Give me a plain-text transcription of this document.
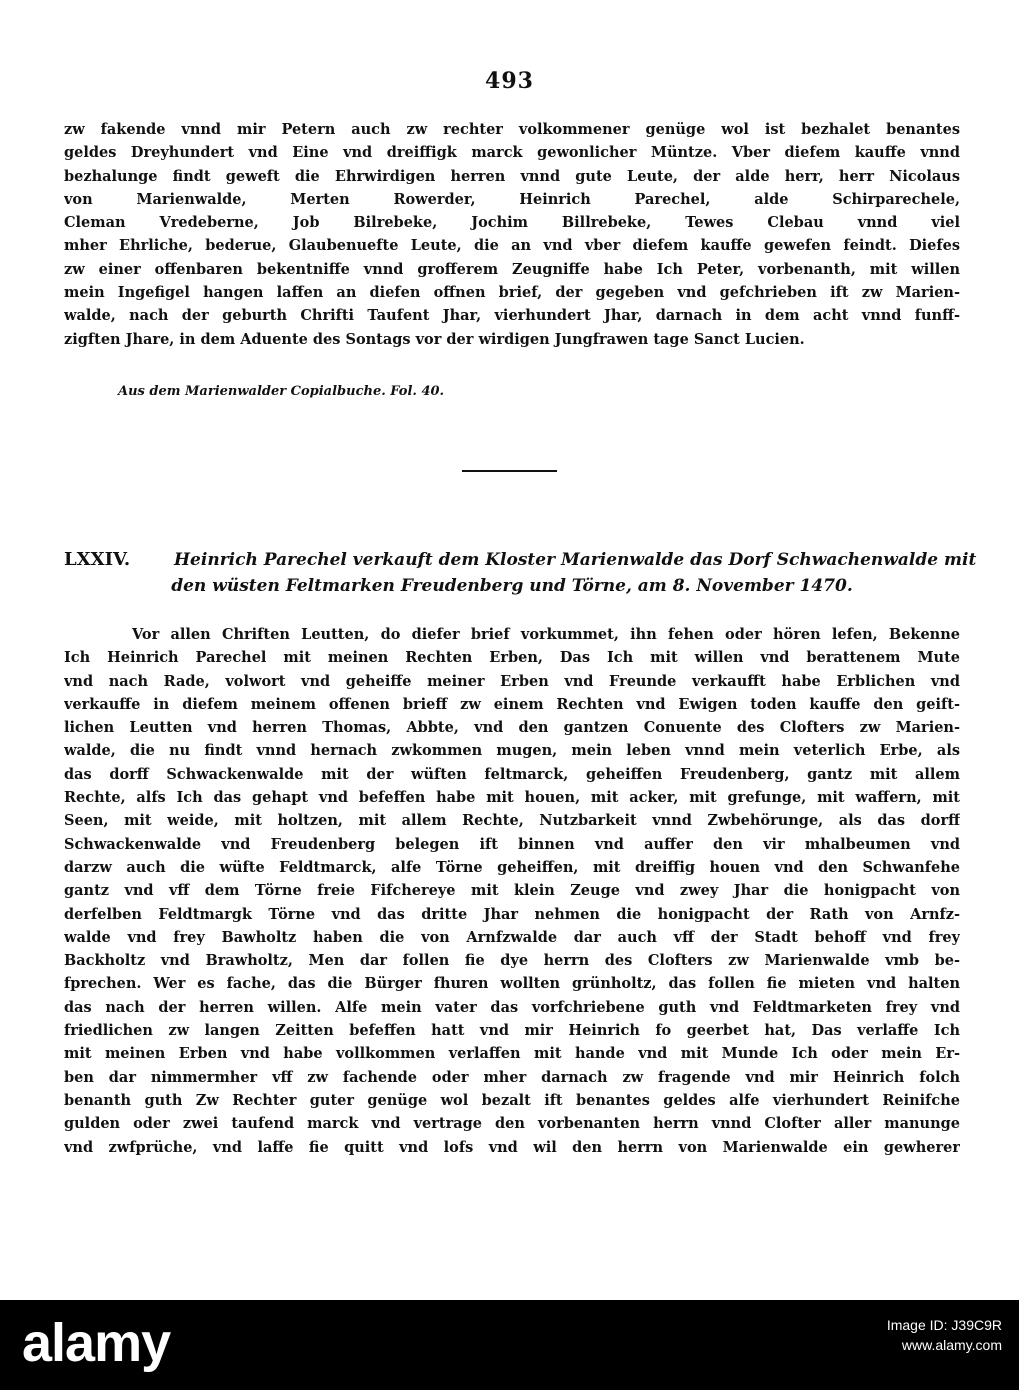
493
zw fakende vnnd mir Petern auch zw rechter volkommener genüge wol ist bezhalet benantes
geldes Dreyhundert vnd Eine vnd dreiffigk marck gewonlicher Müntze. Vber diefem kauffe vnnd
bezhalunge findt geweft die Ehrwirdigen herren vnnd gute Leute, der alde herr, herr Nicolaus
von Marienwalde, Merten Rowerder, Heinrich Parechel, alde Schirparechele,
Cleman Vredeberne, Job Bilrebeke, Jochim Billrebeke, Tewes Clebau vnnd viel
mher Ehrliche, bederue, Glaubenuefte Leute, die an vnd vber diefem kauffe gewefen feindt. Diefes
zw einer offenbaren bekentniffe vnnd grofferem Zeugniffe habe Ich Peter, vorbenanth, mit willen
mein Ingefigel hangen laffen an diefen offnen brief, der gegeben vnd gefchrieben ift zw Marien-
walde, nach der geburth Chrifti Taufent Jhar, vierhundert Jhar, darnach in dem acht vnnd funff-
zigften Jhare, in dem Aduente des Sontags vor der wirdigen Jungfrawen tage Sanct Lucien.
Aus dem Marienwalder Copialbuche. Fol. 40.
LXXIV.	Heinrich Parechel verkauft dem Kloster Marienwalde das Dorf Schwachenwalde mit
den wüsten Feltmarken Freudenberg und Törne, am 8. November 1470.
Vor allen Chriften Leutten, do diefer brief vorkummet, ihn fehen oder hören lefen, Bekenne
Ich Heinrich Parechel mit meinen Rechten Erben, Das Ich mit willen vnd berattenem Mute
vnd nach Rade, volwort vnd geheiffe meiner Erben vnd Freunde verkaufft habe Erblichen vnd
verkauffe in diefem meinem offenen brieff zw einem Rechten vnd Ewigen toden kauffe den geift-
lichen Leutten vnd herren Thomas, Abbte, vnd den gantzen Conuente des Clofters zw Marien-
walde, die nu findt vnnd hernach zwkommen mugen, mein leben vnnd mein veterlich Erbe, als
das dorff Schwackenwalde mit der wüften feltmarck, geheiffen Freudenberg, gantz mit allem
Rechte, alfs Ich das gehapt vnd befeffen habe mit houen, mit acker, mit grefunge, mit waffern, mit
Seen, mit weide, mit holtzen, mit allem Rechte, Nutzbarkeit vnnd Zwbehörunge, als das dorff
Schwackenwalde vnd Freudenberg belegen ift binnen vnd auffer den vir mhalbeumen vnd
darzw auch die wüfte Feldtmarck, alfe Törne geheiffen, mit dreiffig houen vnd den Schwanfehe
gantz vnd vff dem Törne freie Fifchereye mit klein Zeuge vnd zwey Jhar die honigpacht von
derfelben Feldtmargk Törne vnd das dritte Jhar nehmen die honigpacht der Rath von Arnfz-
walde vnd frey Bawholtz haben die von Arnfzwalde dar auch vff der Stadt behoff vnd frey
Backholtz vnd Brawholtz, Men dar follen fie dye herrn des Clofters zw Marienwalde vmb be-
fprechen. Wer es fache, das die Bürger fhuren wollten grünholtz, das follen fie mieten vnd halten
das nach der herren willen. Alfe mein vater das vorfchriebene guth vnd Feldtmarketen frey vnd
friedlichen zw langen Zeitten befeffen hatt vnd mir Heinrich fo geerbet hat, Das verlaffe Ich
mit meinen Erben vnd habe vollkommen verlaffen mit hande vnd mit Munde Ich oder mein Er-
ben dar nimmermher vff zw fachende oder mher darnach zw fragende vnd mir Heinrich folch
benanth guth Zw Rechter guter genüge wol bezalt ift benantes geldes alfe vierhundert Reinifche
gulden oder zwei taufend marck vnd vertrage den vorbenanten herrn vnnd Clofter aller manunge
vnd zwfprüche, vnd laffe fie quitt vnd lofs vnd wil den herrn von Marienwalde ein gewherer
alamy	Image ID: J39C9R
www.alamy.com
